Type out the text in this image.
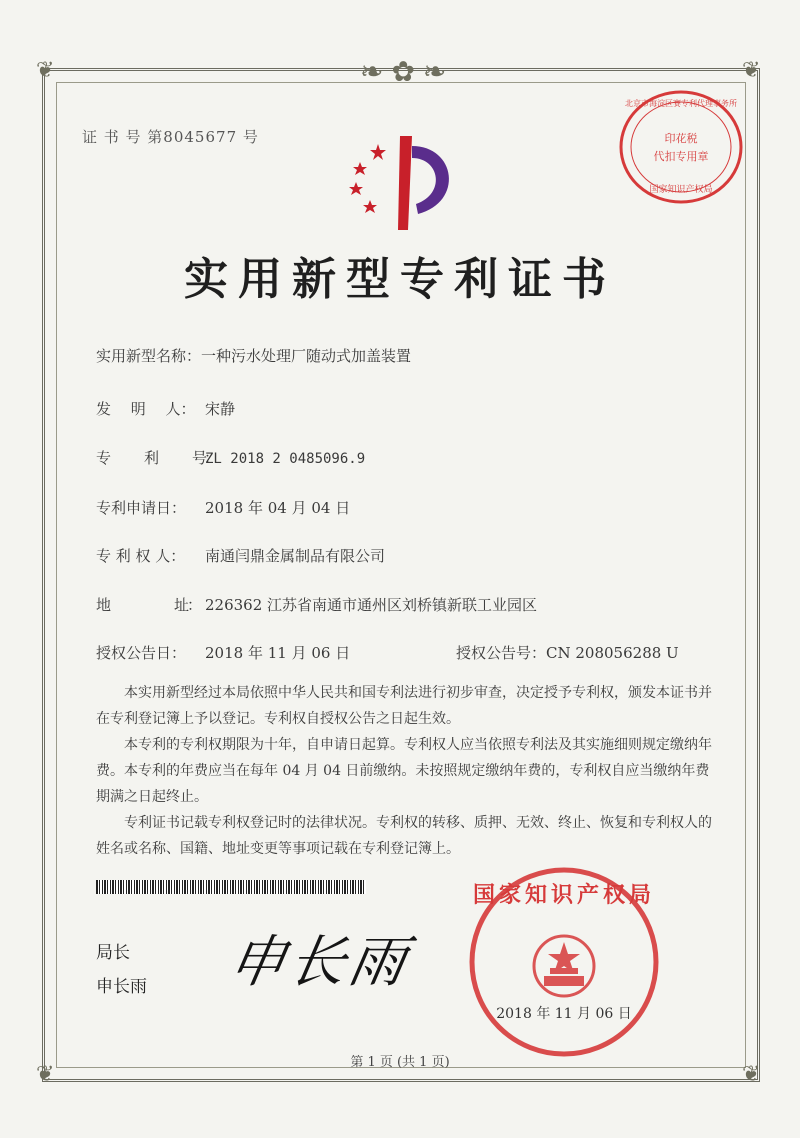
❦	❦
❦	❦
❧✿❧
证 书 号 第8045677 号	印花税
代扣专用章
北京市海淀区赛专利代理事务所
国家知识产权局
实用新型专利证书
实用新型名称：一种污水处理厂随动式加盖装置
发　 明　 人： 宋静
专　　　利　　　号：ZL 2018 2 0485096.9
专利申请日： 2018 年 04 月 04 日
专 利 权 人： 南通闫鼎金属制品有限公司
地　　　　　址： 226362 江苏省南通市通州区刘桥镇新联工业园区
授权公告日： 2018 年 11 月 06 日	授权公告号：CN 208056288 U

本实用新型经过本局依照中华人民共和国专利法进行初步审查，决定授予专利权，颁发本证书并在专利登记簿上予以登记。专利权自授权公告之日起生效。

本专利的专利权期限为十年，自申请日起算。专利权人应当依照专利法及其实施细则规定缴纳年费。本专利的年费应当在每年 04 月 04 日前缴纳。未按照规定缴纳年费的，专利权自应当缴纳年费期满之日起终止。

专利证书记载专利权登记时的法律状况。专利权的转移、质押、无效、终止、恢复和专利权人的姓名或名称、国籍、地址变更等事项记载在专利登记簿上。

局长
申长雨 申长雨
国家知识产权局
2018 年 11 月 06 日
第 1 页 (共 1 页)
